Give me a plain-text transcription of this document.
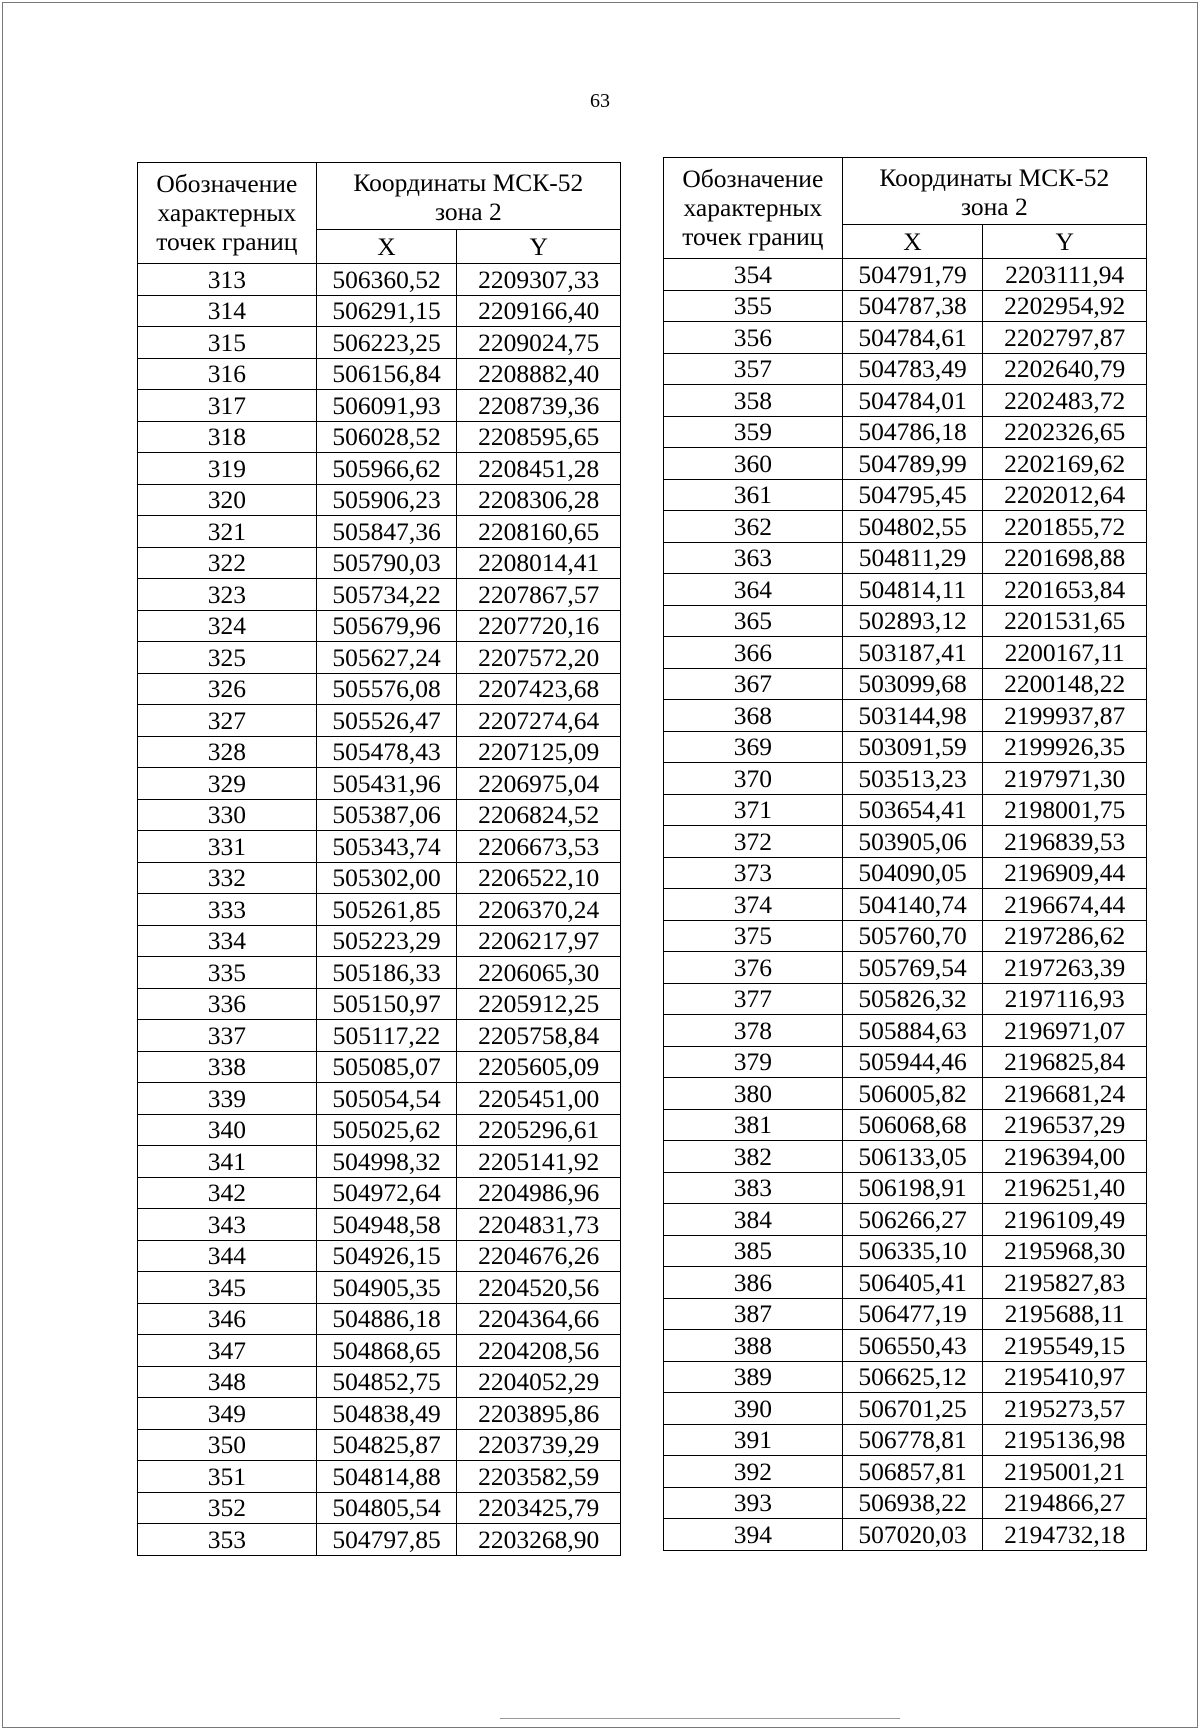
63
Обозначение
характерных
точек границ	Координаты МСК-52
зона 2	
	X	Y
313	506360,52	2209307,33
314	506291,15	2209166,40
315	506223,25	2209024,75
316	506156,84	2208882,40
317	506091,93	2208739,36
318	506028,52	2208595,65
319	505966,62	2208451,28
320	505906,23	2208306,28
321	505847,36	2208160,65
322	505790,03	2208014,41
323	505734,22	2207867,57
324	505679,96	2207720,16
325	505627,24	2207572,20
326	505576,08	2207423,68
327	505526,47	2207274,64
328	505478,43	2207125,09
329	505431,96	2206975,04
330	505387,06	2206824,52
331	505343,74	2206673,53
332	505302,00	2206522,10
333	505261,85	2206370,24
334	505223,29	2206217,97
335	505186,33	2206065,30
336	505150,97	2205912,25
337	505117,22	2205758,84
338	505085,07	2205605,09
339	505054,54	2205451,00
340	505025,62	2205296,61
341	504998,32	2205141,92
342	504972,64	2204986,96
343	504948,58	2204831,73
344	504926,15	2204676,26
345	504905,35	2204520,56
346	504886,18	2204364,66
347	504868,65	2204208,56
348	504852,75	2204052,29
349	504838,49	2203895,86
350	504825,87	2203739,29
351	504814,88	2203582,59
352	504805,54	2203425,79
353	504797,85	2203268,90
Обозначение
характерных
точек границ	Координаты МСК-52
зона 2	
	X	Y
354	504791,79	2203111,94
355	504787,38	2202954,92
356	504784,61	2202797,87
357	504783,49	2202640,79
358	504784,01	2202483,72
359	504786,18	2202326,65
360	504789,99	2202169,62
361	504795,45	2202012,64
362	504802,55	2201855,72
363	504811,29	2201698,88
364	504814,11	2201653,84
365	502893,12	2201531,65
366	503187,41	2200167,11
367	503099,68	2200148,22
368	503144,98	2199937,87
369	503091,59	2199926,35
370	503513,23	2197971,30
371	503654,41	2198001,75
372	503905,06	2196839,53
373	504090,05	2196909,44
374	504140,74	2196674,44
375	505760,70	2197286,62
376	505769,54	2197263,39
377	505826,32	2197116,93
378	505884,63	2196971,07
379	505944,46	2196825,84
380	506005,82	2196681,24
381	506068,68	2196537,29
382	506133,05	2196394,00
383	506198,91	2196251,40
384	506266,27	2196109,49
385	506335,10	2195968,30
386	506405,41	2195827,83
387	506477,19	2195688,11
388	506550,43	2195549,15
389	506625,12	2195410,97
390	506701,25	2195273,57
391	506778,81	2195136,98
392	506857,81	2195001,21
393	506938,22	2194866,27
394	507020,03	2194732,18
